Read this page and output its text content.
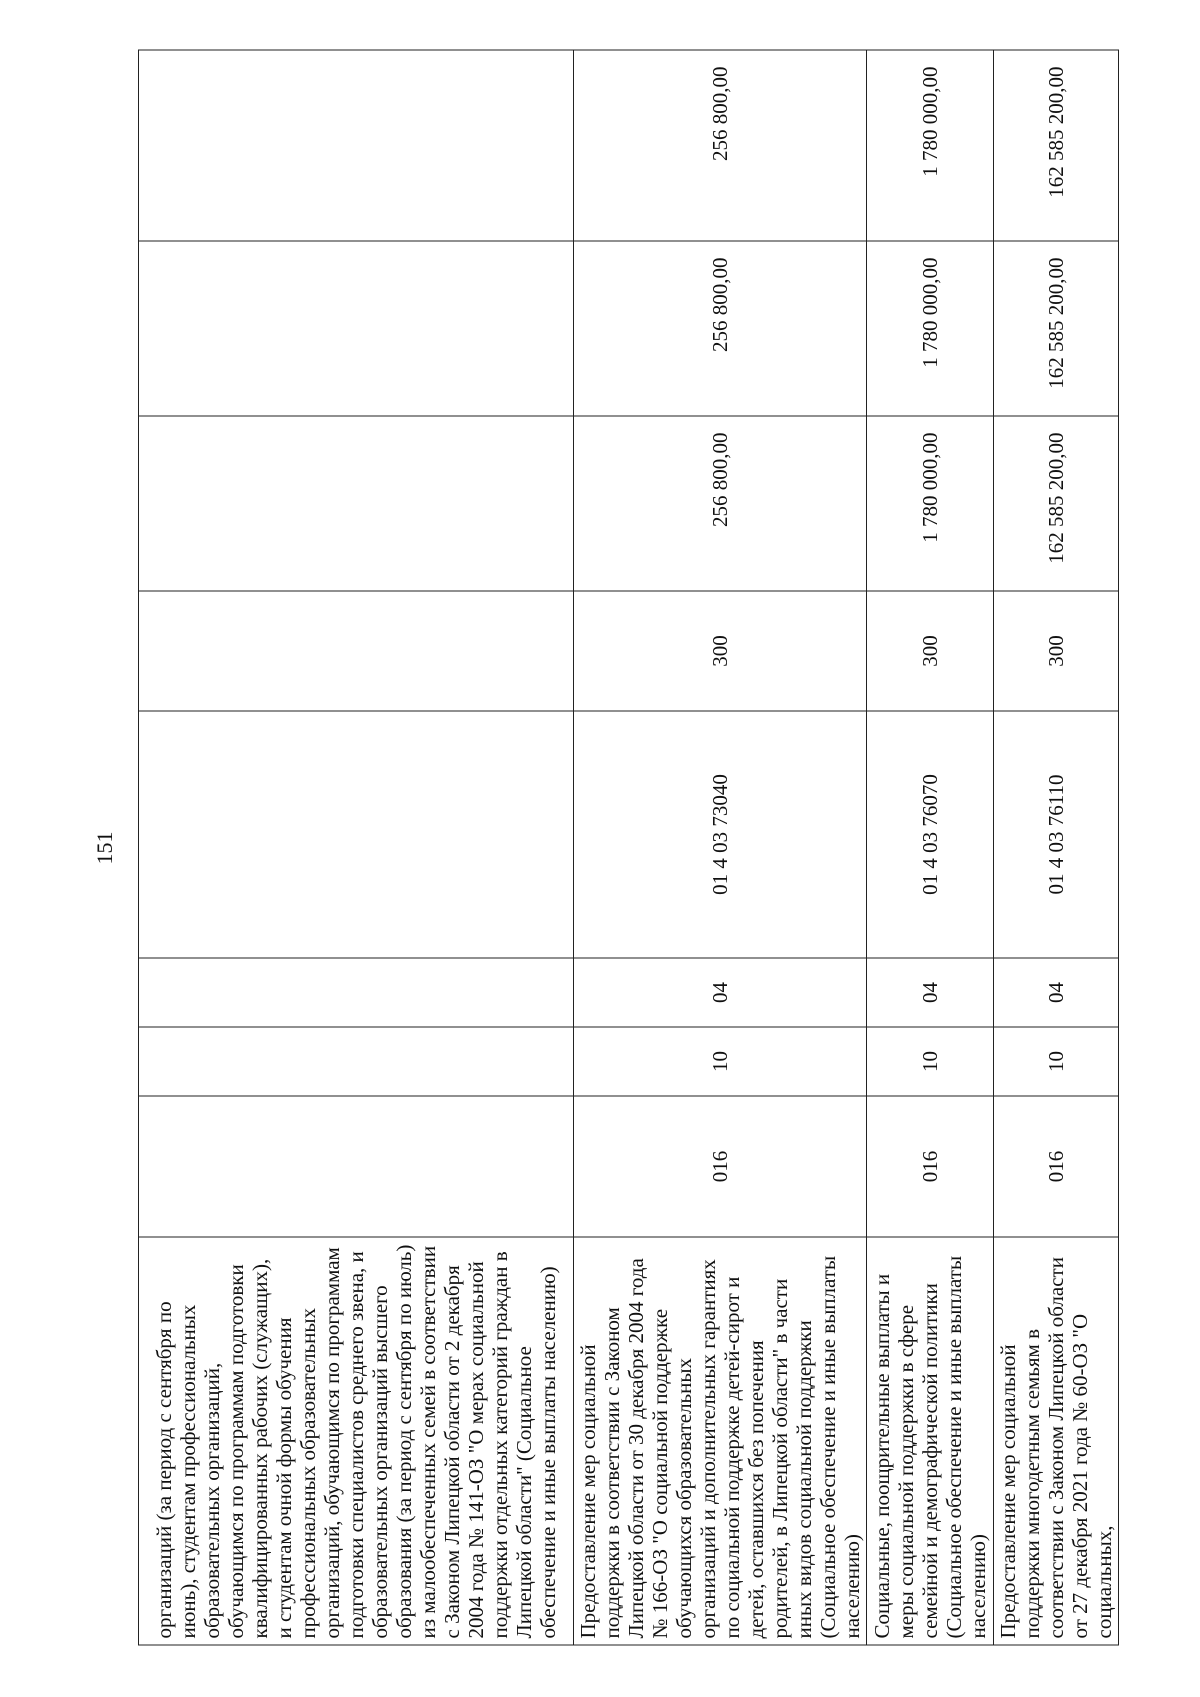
151
организаций (за период с сентября по июнь), студентам профессиональных образовательных организаций, обучающимся по программам подготовки квалифицированных рабочих (служащих), и студентам очной формы обучения профессиональных образовательных организаций, обучающимся по программам подготовки специалистов среднего звена, и образовательных организаций высшего образования (за период с сентября по июль) из малообеспеченных семей в соответствии с Законом Липецкой области от 2 декабря 2004 года № 141-ОЗ "О мерах социальной поддержки отдельных категорий граждан в Липецкой области" (Социальное обеспечение и иные выплаты населению)								
Предоставление мер социальной поддержки в соответствии с Законом Липецкой области от 30 декабря 2004 года № 166-ОЗ "О социальной поддержке обучающихся образовательных организаций и дополнительных гарантиях по социальной поддержке детей-сирот и детей, оставшихся без попечения родителей, в Липецкой области" в части иных видов социальной поддержки (Социальное обеспечение и иные выплаты населению)	016	10	04	01 4 03 73040	300	256 800,00	256 800,00	256 800,00
Социальные, поощрительные выплаты и меры социальной поддержки в сфере семейной и демографической политики (Социальное обеспечение и иные выплаты населению)	016	10	04	01 4 03 76070	300	1 780 000,00	1 780 000,00	1 780 000,00
Предоставление мер социальной поддержки многодетным семьям в соответствии с Законом Липецкой области от 27 декабря 2021 года № 60-ОЗ "О социальных,	016	10	04	01 4 03 76110	300	162 585 200,00	162 585 200,00	162 585 200,00
